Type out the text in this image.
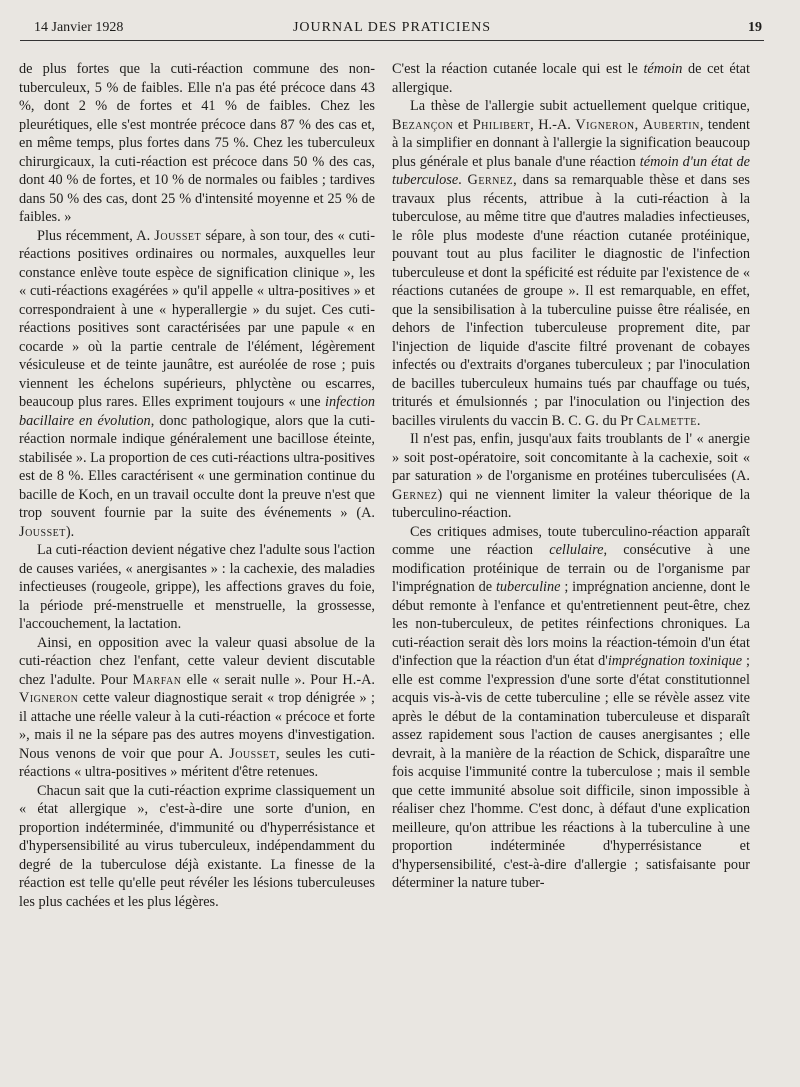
14 Janvier 1928	JOURNAL DES PRATICIENS	19

de plus fortes que la cuti-réaction commune des non-tuberculeux, 5 % de faibles. Elle n'a pas été précoce dans 43 %, dont 2 % de fortes et 41 % de faibles. Chez les pleurétiques, elle s'est montrée précoce dans 87 % des cas et, en même temps, plus fortes dans 75 %. Chez les tuberculeux chirurgicaux, la cuti-réaction est précoce dans 50 % des cas, dont 40 % de fortes, et 10 % de normales ou faibles ; tardives dans 50 % des cas, dont 25 % d'intensité moyenne et 25 % de faibles. »

Plus récemment, A. Jousset sépare, à son tour, des « cuti-réactions positives ordinaires ou normales, auxquelles leur constance enlève toute espèce de signification clinique », les « cuti-réactions exagérées » qu'il appelle « ultra-positives » et correspondraient à une « hyperallergie » du sujet. Ces cuti-réactions positives sont caractérisées par une papule « en cocarde » où la partie centrale de l'élément, légèrement vésiculeuse et de teinte jaunâtre, est auréolée de rose ; puis viennent les échelons supérieurs, phlyctène ou escarres, beaucoup plus rares. Elles expriment toujours « une infection bacillaire en évolution, donc pathologique, alors que la cuti-réaction normale indique généralement une bacillose éteinte, stabilisée ». La proportion de ces cuti-réactions ultra-positives est de 8 %. Elles caractérisent « une germination continue du bacille de Koch, en un travail occulte dont la preuve n'est que trop souvent fournie par la suite des événements » (A. Jousset).

La cuti-réaction devient négative chez l'adulte sous l'action de causes variées, « anergisantes » : la cachexie, des maladies infectieuses (rougeole, grippe), les affections graves du foie, la période pré-menstruelle et menstruelle, la grossesse, l'accouchement, la lactation.

Ainsi, en opposition avec la valeur quasi absolue de la cuti-réaction chez l'enfant, cette valeur devient discutable chez l'adulte. Pour Marfan elle « serait nulle ». Pour H.-A. Vigneron cette valeur diagnostique serait « trop dénigrée » ; il attache une réelle valeur à la cuti-réaction « précoce et forte », mais il ne la sépare pas des autres moyens d'investigation. Nous venons de voir que pour A. Jousset, seules les cuti-réactions « ultra-positives » méritent d'être retenues.

Chacun sait que la cuti-réaction exprime classiquement un « état allergique », c'est-à-dire une sorte d'union, en proportion indéterminée, d'immunité ou d'hyperrésistance et d'hypersensibilité au virus tuberculeux, indépendamment du degré de la tuberculose déjà existante. La finesse de la réaction est telle qu'elle peut révéler les lésions tuberculeuses les plus cachées et les plus légères.

C'est la réaction cutanée locale qui est le témoin de cet état allergique.

La thèse de l'allergie subit actuellement quelque critique, Bezançon et Philibert, H.-A. Vigneron, Aubertin, tendent à la simplifier en donnant à l'allergie la signification beaucoup plus générale et plus banale d'une réaction témoin d'un état de tuberculose. Gernez, dans sa remarquable thèse et dans ses travaux plus récents, attribue à la cuti-réaction à la tuberculose, au même titre que d'autres maladies infectieuses, le rôle plus modeste d'une réaction cutanée protéinique, pouvant tout au plus faciliter le diagnostic de l'infection tuberculeuse et dont la spéficité est réduite par l'existence de « réactions cutanées de groupe ». Il est remarquable, en effet, que la sensibilisation à la tuberculine puisse être réalisée, en dehors de l'infection tuberculeuse proprement dite, par l'injection de liquide d'ascite filtré provenant de cobayes infectés ou d'extraits d'organes tuberculeux ; par l'inoculation de bacilles tuberculeux humains tués par chauffage ou tués, triturés et émulsionnés ; par l'inoculation ou l'injection des bacilles virulents du vaccin B. C. G. du Pr Calmette.

Il n'est pas, enfin, jusqu'aux faits troublants de l' « anergie » soit post-opératoire, soit concomitante à la cachexie, soit « par saturation » de l'organisme en protéines tuberculisées (A. Gernez) qui ne viennent limiter la valeur théorique de la tuberculino-réaction.

Ces critiques admises, toute tuberculino-réaction apparaît comme une réaction cellulaire, consécutive à une modification protéinique de terrain ou de l'organisme par l'imprégnation de tuberculine ; imprégnation ancienne, dont le début remonte à l'enfance et qu'entretiennent peut-être, chez les non-tuberculeux, de petites réinfections chroniques. La cuti-réaction serait dès lors moins la réaction-témoin d'un état d'infection que la réaction d'un état d'imprégnation toxinique ; elle est comme l'expression d'une sorte d'état constitutionnel acquis vis-à-vis de cette tuberculine ; elle se révèle assez vite après le début de la contamination tuberculeuse et disparaît assez rapidement sous l'action de causes anergisantes ; elle devrait, à la manière de la réaction de Schick, disparaître une fois acquise l'immunité contre la tuberculose ; mais il semble que cette immunité absolue soit difficile, sinon impossible à réaliser chez l'homme. C'est donc, à défaut d'une explication meilleure, qu'on attribue les réactions à la tuberculine à une proportion indéterminée d'hyperrésistance et d'hypersensibilité, c'est-à-dire d'allergie ; satisfaisante pour déterminer la nature tuber-
